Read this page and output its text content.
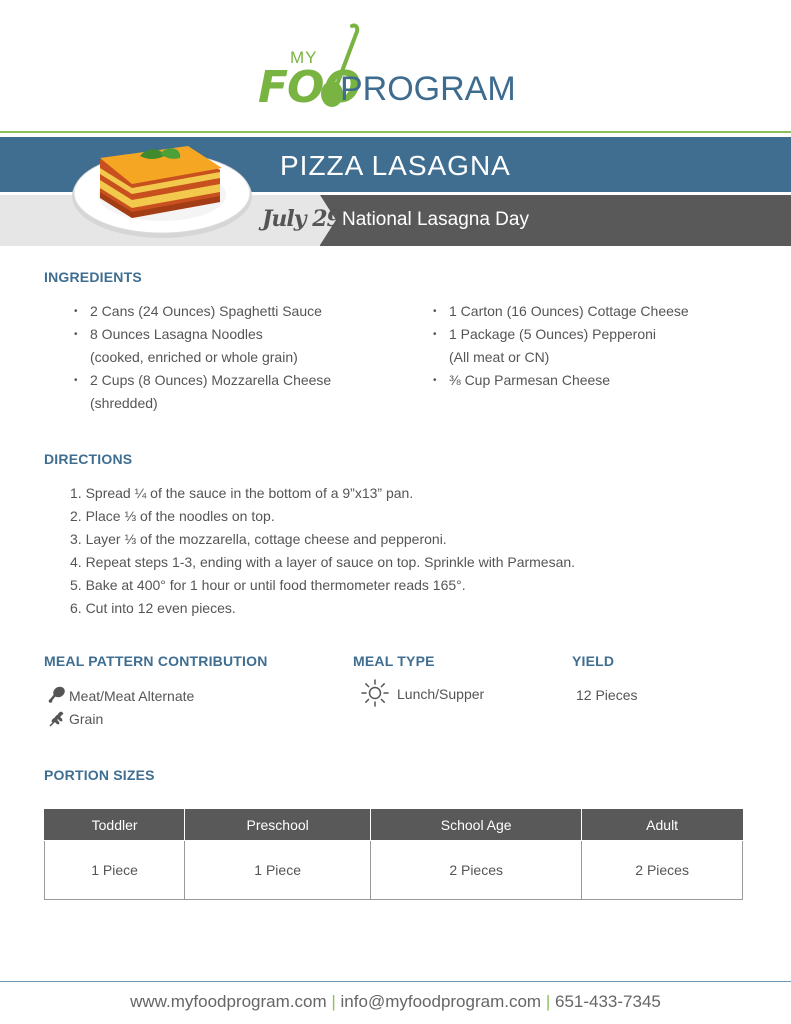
MY
FOO
PROGRAM
PIZZA LASAGNA
July 29 National Lasagna Day
INGREDIENTS
• 2 Cans (24 Ounces) Spaghetti Sauce
• 8 Ounces Lasagna Noodles
(cooked, enriched or whole grain)
• 2 Cups (8 Ounces) Mozzarella Cheese
(shredded)
• 1 Carton (16 Ounces) Cottage Cheese
• 1 Package (5 Ounces) Pepperoni
(All meat or CN)
• ⅜ Cup Parmesan Cheese
DIRECTIONS
1. Spread ¼ of the sauce in the bottom of a 9”x13” pan.
2. Place ⅓ of the noodles on top.
3. Layer ⅓ of the mozzarella, cottage cheese and pepperoni.
4. Repeat steps 1-3, ending with a layer of sauce on top. Sprinkle with Parmesan.
5. Bake at 400° for 1 hour or until food thermometer reads 165°.
6. Cut into 12 even pieces.
MEAL PATTERN CONTRIBUTION
Meat/Meat Alternate
Grain
MEAL TYPE
Lunch/Supper
YIELD
12 Pieces
PORTION SIZES
Toddler	Preschool	School Age	Adult
1 Piece	1 Piece	2 Pieces	2 Pieces
www.myfoodprogram.com | info@myfoodprogram.com | 651-433-7345
